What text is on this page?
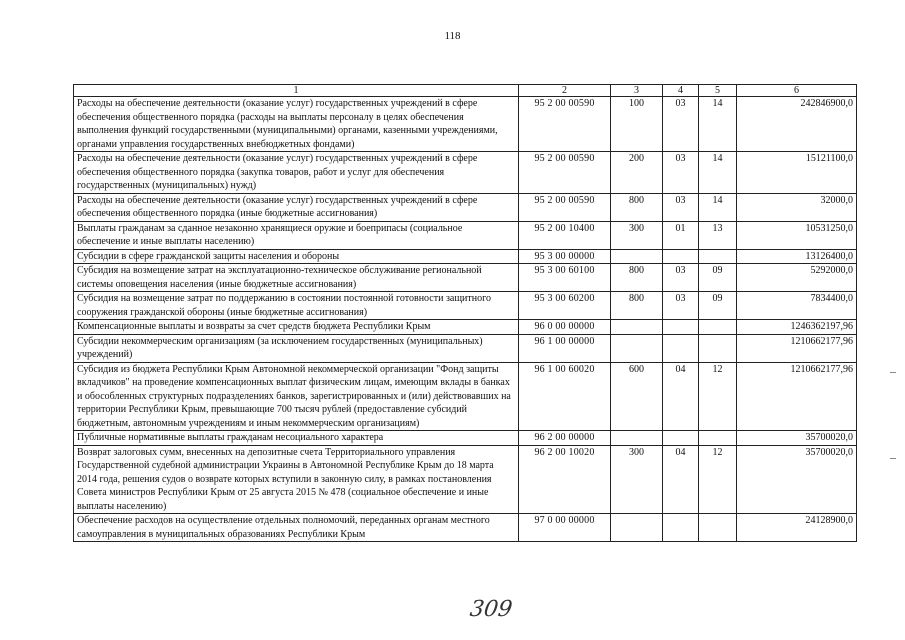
118
1	2	3	4	5	6
Расходы на обеспечение деятельности (оказание услуг) государственных учреждений в сфере обеспечения общественного порядка (расходы на выплаты персоналу в целях обеспечения выполнения функций государственными (муниципальными) органами, казенными учреждениями, органами управления государственных внебюджетных фондами)	95 2 00 00590	100	03	14	242846900,0
Расходы на обеспечение деятельности (оказание услуг) государственных учреждений в сфере обеспечения общественного порядка (закупка товаров, работ и услуг для обеспечения государственных (муниципальных) нужд)	95 2 00 00590	200	03	14	15121100,0
Расходы на обеспечение деятельности (оказание услуг) государственных учреждений в сфере обеспечения общественного порядка (иные бюджетные ассигнования)	95 2 00 00590	800	03	14	32000,0
Выплаты гражданам за сданное незаконно хранящиеся оружие и боеприпасы (социальное обеспечение и иные выплаты населению)	95 2 00 10400	300	01	13	10531250,0
Субсидии в сфере гражданской защиты населения и обороны	95 3 00 00000				13126400,0
Субсидия на возмещение затрат на эксплуатационно-техническое обслуживание региональной системы оповещения населения (иные бюджетные ассигнования)	95 3 00 60100	800	03	09	5292000,0
Субсидия на возмещение затрат по поддержанию в состоянии постоянной готовности защитного сооружения гражданской обороны (иные бюджетные ассигнования)	95 3 00 60200	800	03	09	7834400,0
Компенсационные выплаты и возвраты за счет средств бюджета Республики Крым	96 0 00 00000				1246362197,96
Субсидии некоммерческим организациям (за исключением государственных (муниципальных) учреждений)	96 1 00 00000				1210662177,96
Субсидия из бюджета Республики Крым Автономной некоммерческой организации "Фонд защиты вкладчиков" на проведение компенсационных выплат физическим лицам, имеющим вклады в банках и обособленных структурных подразделениях банков, зарегистрированных и (или) действовавших на территории Республики Крым, превышающие 700 тысяч рублей (предоставление субсидий бюджетным, автономным учреждениям и иным некоммерческим организациям)	96 1 00 60020	600	04	12	1210662177,96
Публичные нормативные выплаты гражданам несоциального характера	96 2 00 00000				35700020,0
Возврат залоговых сумм, внесенных на депозитные счета Территориального управления Государственной судебной администрации Украины в Автономной Республике Крым до 18 марта 2014 года, решения судов о возврате которых вступили в законную силу, в рамках постановления Совета министров Республики Крым от 25 августа 2015 № 478 (социальное обеспечение и иные выплаты населению)	96 2 00 10020	300	04	12	35700020,0
Обеспечение расходов на осуществление отдельных полномочий, переданных органам местного самоуправления в муниципальных образованиях Республики Крым	97 0 00 00000				24128900,0
309
